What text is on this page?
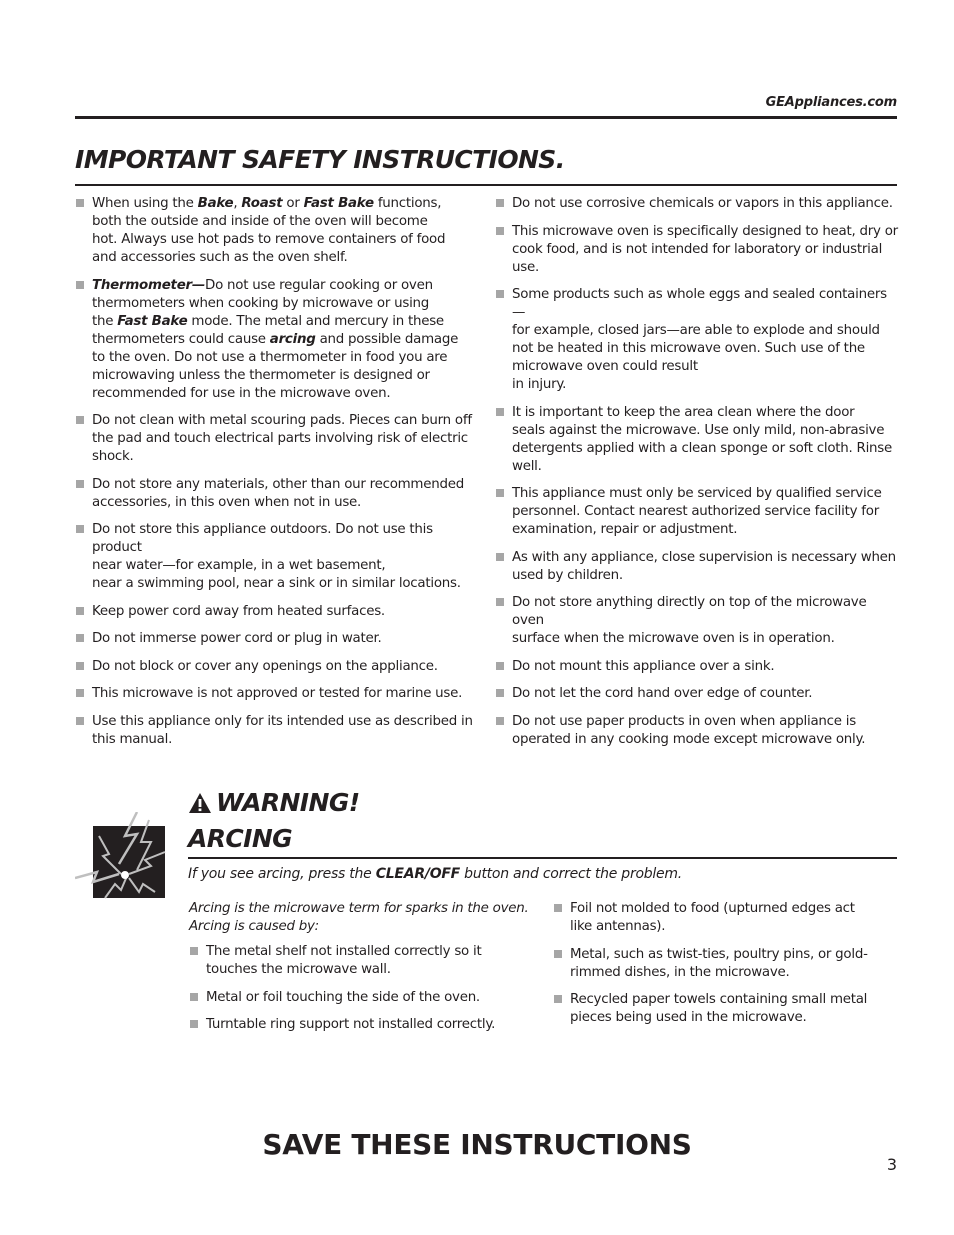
GEAppliances.com
IMPORTANT SAFETY INSTRUCTIONS.
When using the Bake, Roast or Fast Bake functions,
both the outside and inside of the oven will become
hot. Always use hot pads to remove containers of food
and accessories such as the oven shelf.
Thermometer—Do not use regular cooking or oven
thermometers when cooking by microwave or using
the Fast Bake mode. The metal and mercury in these
thermometers could cause arcing and possible damage
to the oven. Do not use a thermometer in food you are
microwaving unless the thermometer is designed or
recommended for use in the microwave oven.
Do not clean with metal scouring pads. Pieces can burn off
the pad and touch electrical parts involving risk of electric
shock.
Do not store any materials, other than our recommended
accessories, in this oven when not in use.
Do not store this appliance outdoors. Do not use this product
near water—for example, in a wet basement,
near a swimming pool, near a sink or in similar locations.
Keep power cord away from heated surfaces.
Do not immerse power cord or plug in water.
Do not block or cover any openings on the appliance.
This microwave is not approved or tested for marine use.
Use this appliance only for its intended use as described in
this manual.
Do not use corrosive chemicals or vapors in this appliance.
This microwave oven is specifically designed to heat, dry or
cook food, and is not intended for laboratory or industrial use.
Some products such as whole eggs and sealed containers—
for example, closed jars—are able to explode and should
not be heated in this microwave oven. Such use of the
microwave oven could result
in injury.
It is important to keep the area clean where the door
seals against the microwave. Use only mild, non-abrasive
detergents applied with a clean sponge or soft cloth. Rinse
well.
This appliance must only be serviced by qualified service
personnel. Contact nearest authorized service facility for
examination, repair or adjustment.
As with any appliance, close supervision is necessary when
used by children.
Do not store anything directly on top of the microwave oven
surface when the microwave oven is in operation.
Do not mount this appliance over a sink.
Do not let the cord hand over edge of counter.
Do not use paper products in oven when appliance is
operated in any cooking mode except microwave only.
WARNING!
ARCING
If you see arcing, press the CLEAR/OFF button and correct the problem.

Arcing is the microwave term for sparks in the oven.
Arcing is caused by:

The metal shelf not installed correctly so it
touches the microwave wall.
Metal or foil touching the side of the oven.
Turntable ring support not installed correctly.
Foil not molded to food (upturned edges act
like antennas).
Metal, such as twist-ties, poultry pins, or gold-
rimmed dishes, in the microwave.
Recycled paper towels containing small metal
pieces being used in the microwave.
SAVE THESE INSTRUCTIONS
3
